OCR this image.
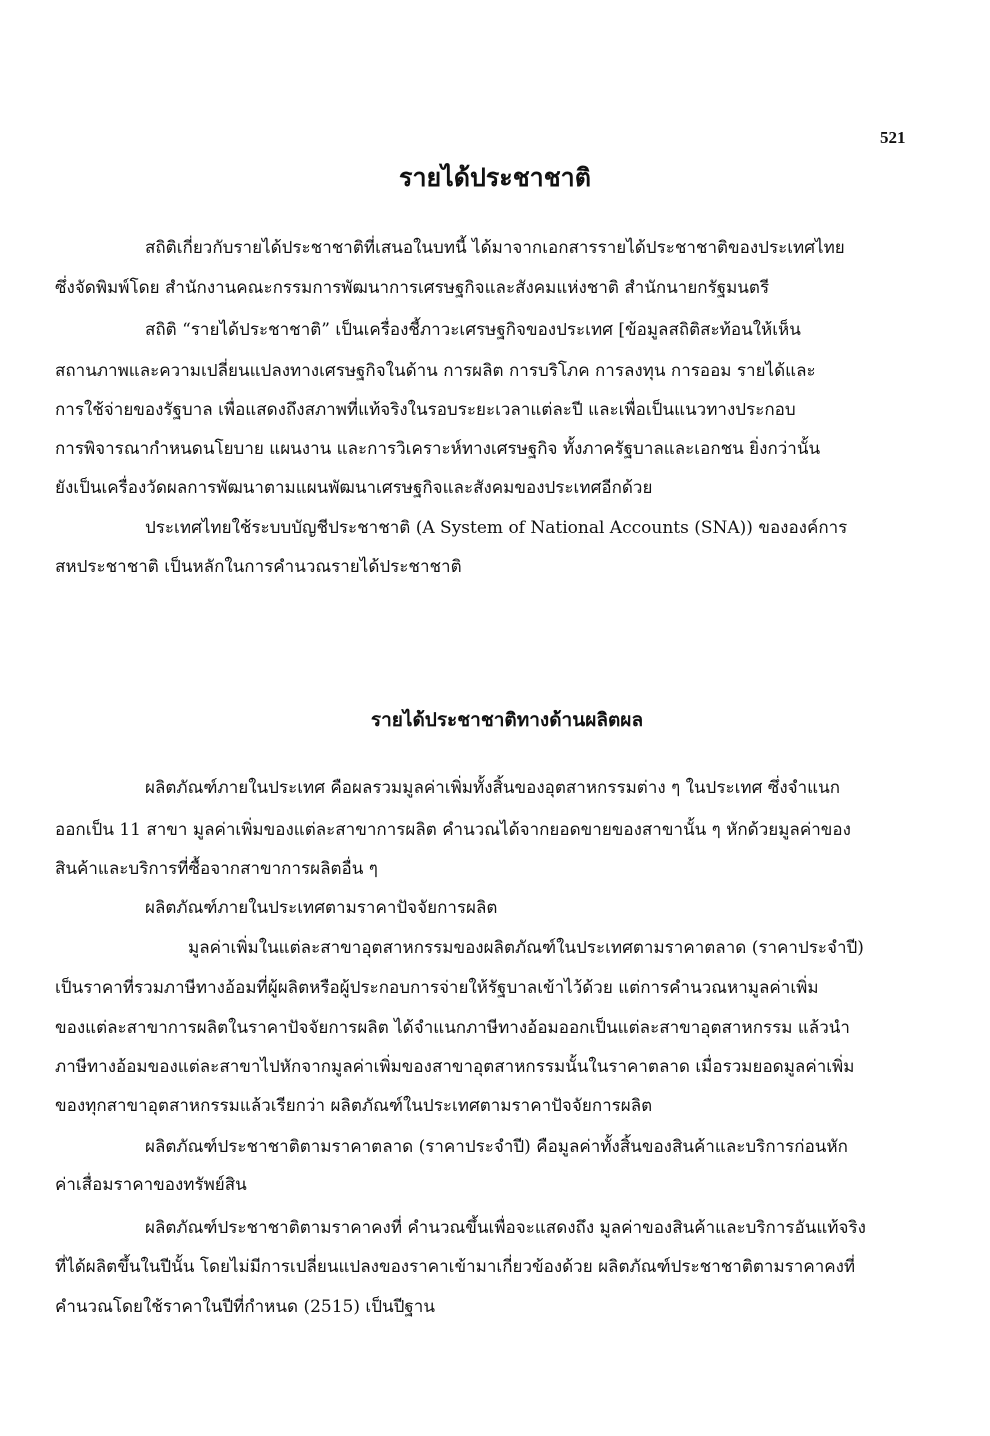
521
รายได้ประชาชาติ
สถิติเกี่ยวกับรายได้ประชาชาติที่เสนอในบทนี้ ได้มาจากเอกสารรายได้ประชาชาติของประเทศไทย
ซึ่งจัดพิมพ์โดย สำนักงานคณะกรรมการพัฒนาการเศรษฐกิจและสังคมแห่งชาติ สำนักนายกรัฐมนตรี
สถิติ “รายได้ประชาชาติ” เป็นเครื่องชี้ภาวะเศรษฐกิจของประเทศ [ข้อมูลสถิติสะท้อนให้เห็น
สถานภาพและความเปลี่ยนแปลงทางเศรษฐกิจในด้าน การผลิต การบริโภค การลงทุน การออม รายได้และ
การใช้จ่ายของรัฐบาล เพื่อแสดงถึงสภาพที่แท้จริงในรอบระยะเวลาแต่ละปี และเพื่อเป็นแนวทางประกอบ
การพิจารณากำหนดนโยบาย แผนงาน และการวิเคราะห์ทางเศรษฐกิจ ทั้งภาครัฐบาลและเอกชน ยิ่งกว่านั้น
ยังเป็นเครื่องวัดผลการพัฒนาตามแผนพัฒนาเศรษฐกิจและสังคมของประเทศอีกด้วย
ประเทศไทยใช้ระบบบัญชีประชาชาติ (A System of National Accounts (SNA)) ขององค์การ
สหประชาชาติ เป็นหลักในการคำนวณรายได้ประชาชาติ
รายได้ประชาชาติทางด้านผลิตผล
ผลิตภัณฑ์ภายในประเทศ คือผลรวมมูลค่าเพิ่มทั้งสิ้นของอุตสาหกรรมต่าง ๆ ในประเทศ ซึ่งจำแนก
ออกเป็น 11 สาขา มูลค่าเพิ่มของแต่ละสาขาการผลิต คำนวณได้จากยอดขายของสาขานั้น ๆ หักด้วยมูลค่าของ
สินค้าและบริการที่ซื้อจากสาขาการผลิตอื่น ๆ
ผลิตภัณฑ์ภายในประเทศตามราคาปัจจัยการผลิต
มูลค่าเพิ่มในแต่ละสาขาอุตสาหกรรมของผลิตภัณฑ์ในประเทศตามราคาตลาด (ราคาประจำปี)
เป็นราคาที่รวมภาษีทางอ้อมที่ผู้ผลิตหรือผู้ประกอบการจ่ายให้รัฐบาลเข้าไว้ด้วย แต่การคำนวณหามูลค่าเพิ่ม
ของแต่ละสาขาการผลิตในราคาปัจจัยการผลิต ได้จำแนกภาษีทางอ้อมออกเป็นแต่ละสาขาอุตสาหกรรม แล้วนำ
ภาษีทางอ้อมของแต่ละสาขาไปหักจากมูลค่าเพิ่มของสาขาอุตสาหกรรมนั้นในราคาตลาด เมื่อรวมยอดมูลค่าเพิ่ม
ของทุกสาขาอุตสาหกรรมแล้วเรียกว่า ผลิตภัณฑ์ในประเทศตามราคาปัจจัยการผลิต
ผลิตภัณฑ์ประชาชาติตามราคาตลาด (ราคาประจำปี) คือมูลค่าทั้งสิ้นของสินค้าและบริการก่อนหัก
ค่าเสื่อมราคาของทรัพย์สิน
ผลิตภัณฑ์ประชาชาติตามราคาคงที่ คำนวณขึ้นเพื่อจะแสดงถึง มูลค่าของสินค้าและบริการอันแท้จริง
ที่ได้ผลิตขึ้นในปีนั้น โดยไม่มีการเปลี่ยนแปลงของราคาเข้ามาเกี่ยวข้องด้วย ผลิตภัณฑ์ประชาชาติตามราคาคงที่
คำนวณโดยใช้ราคาในปีที่กำหนด (2515) เป็นปีฐาน
